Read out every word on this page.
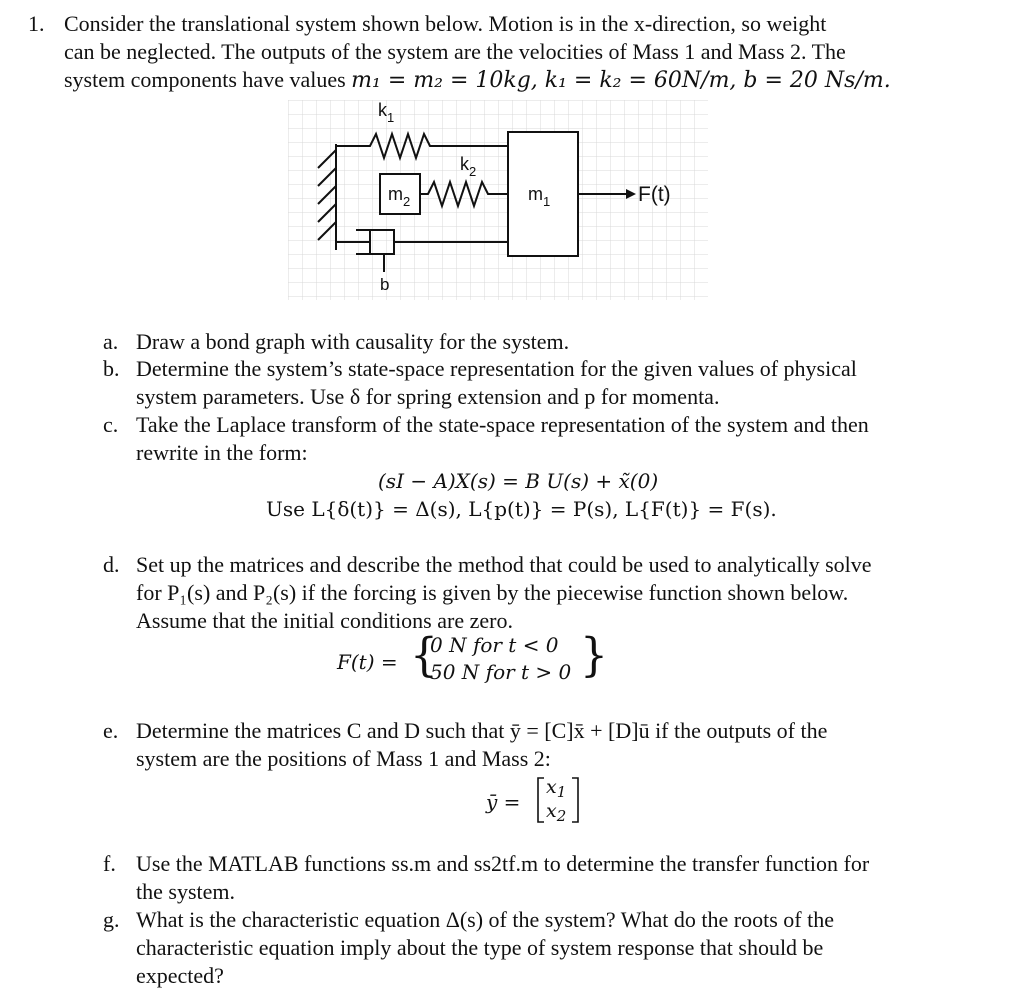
1. Consider the translational system shown below. Motion is in the x-direction, so weight
can be neglected. The outputs of the system are the velocities of Mass 1 and Mass 2. The
system components have values m₁ = m₂ = 10kg, k₁ = k₂ = 60N/m, b = 20 Ns/m.
$k_1$
$k_2$
$m_2$	$m_1$	F(t)
b
a. Draw a bond graph with causality for the system.
b. Determine the system’s state-space representation for the given values of physical
system parameters. Use δ for spring extension and p for momenta.
c. Take the Laplace transform of the state-space representation of the system and then
rewrite in the form:
(sI − A)X(s) = B U(s) + x̃(0)
Use L{δ(t)} = Δ(s), L{p(t)} = P(s), L{F(t)} = F(s).
d. Set up the matrices and describe the method that could be used to analytically solve
for P₁(s) and P₂(s) if the forcing is given by the piecewise function shown below.
Assume that the initial conditions are zero.
F(t) = {
0 N for t < 0
50 N for t > 0 }
e. Determine the matrices C and D such that ȳ = [C]x̄ + [D]ū if the outputs of the
system are the positions of Mass 1 and Mass 2:
ȳ =
$x_1$
$x_2$
f. Use the MATLAB functions ss.m and ss2tf.m to determine the transfer function for
the system.
g. What is the characteristic equation Δ(s) of the system? What do the roots of the
characteristic equation imply about the type of system response that should be
expected?
